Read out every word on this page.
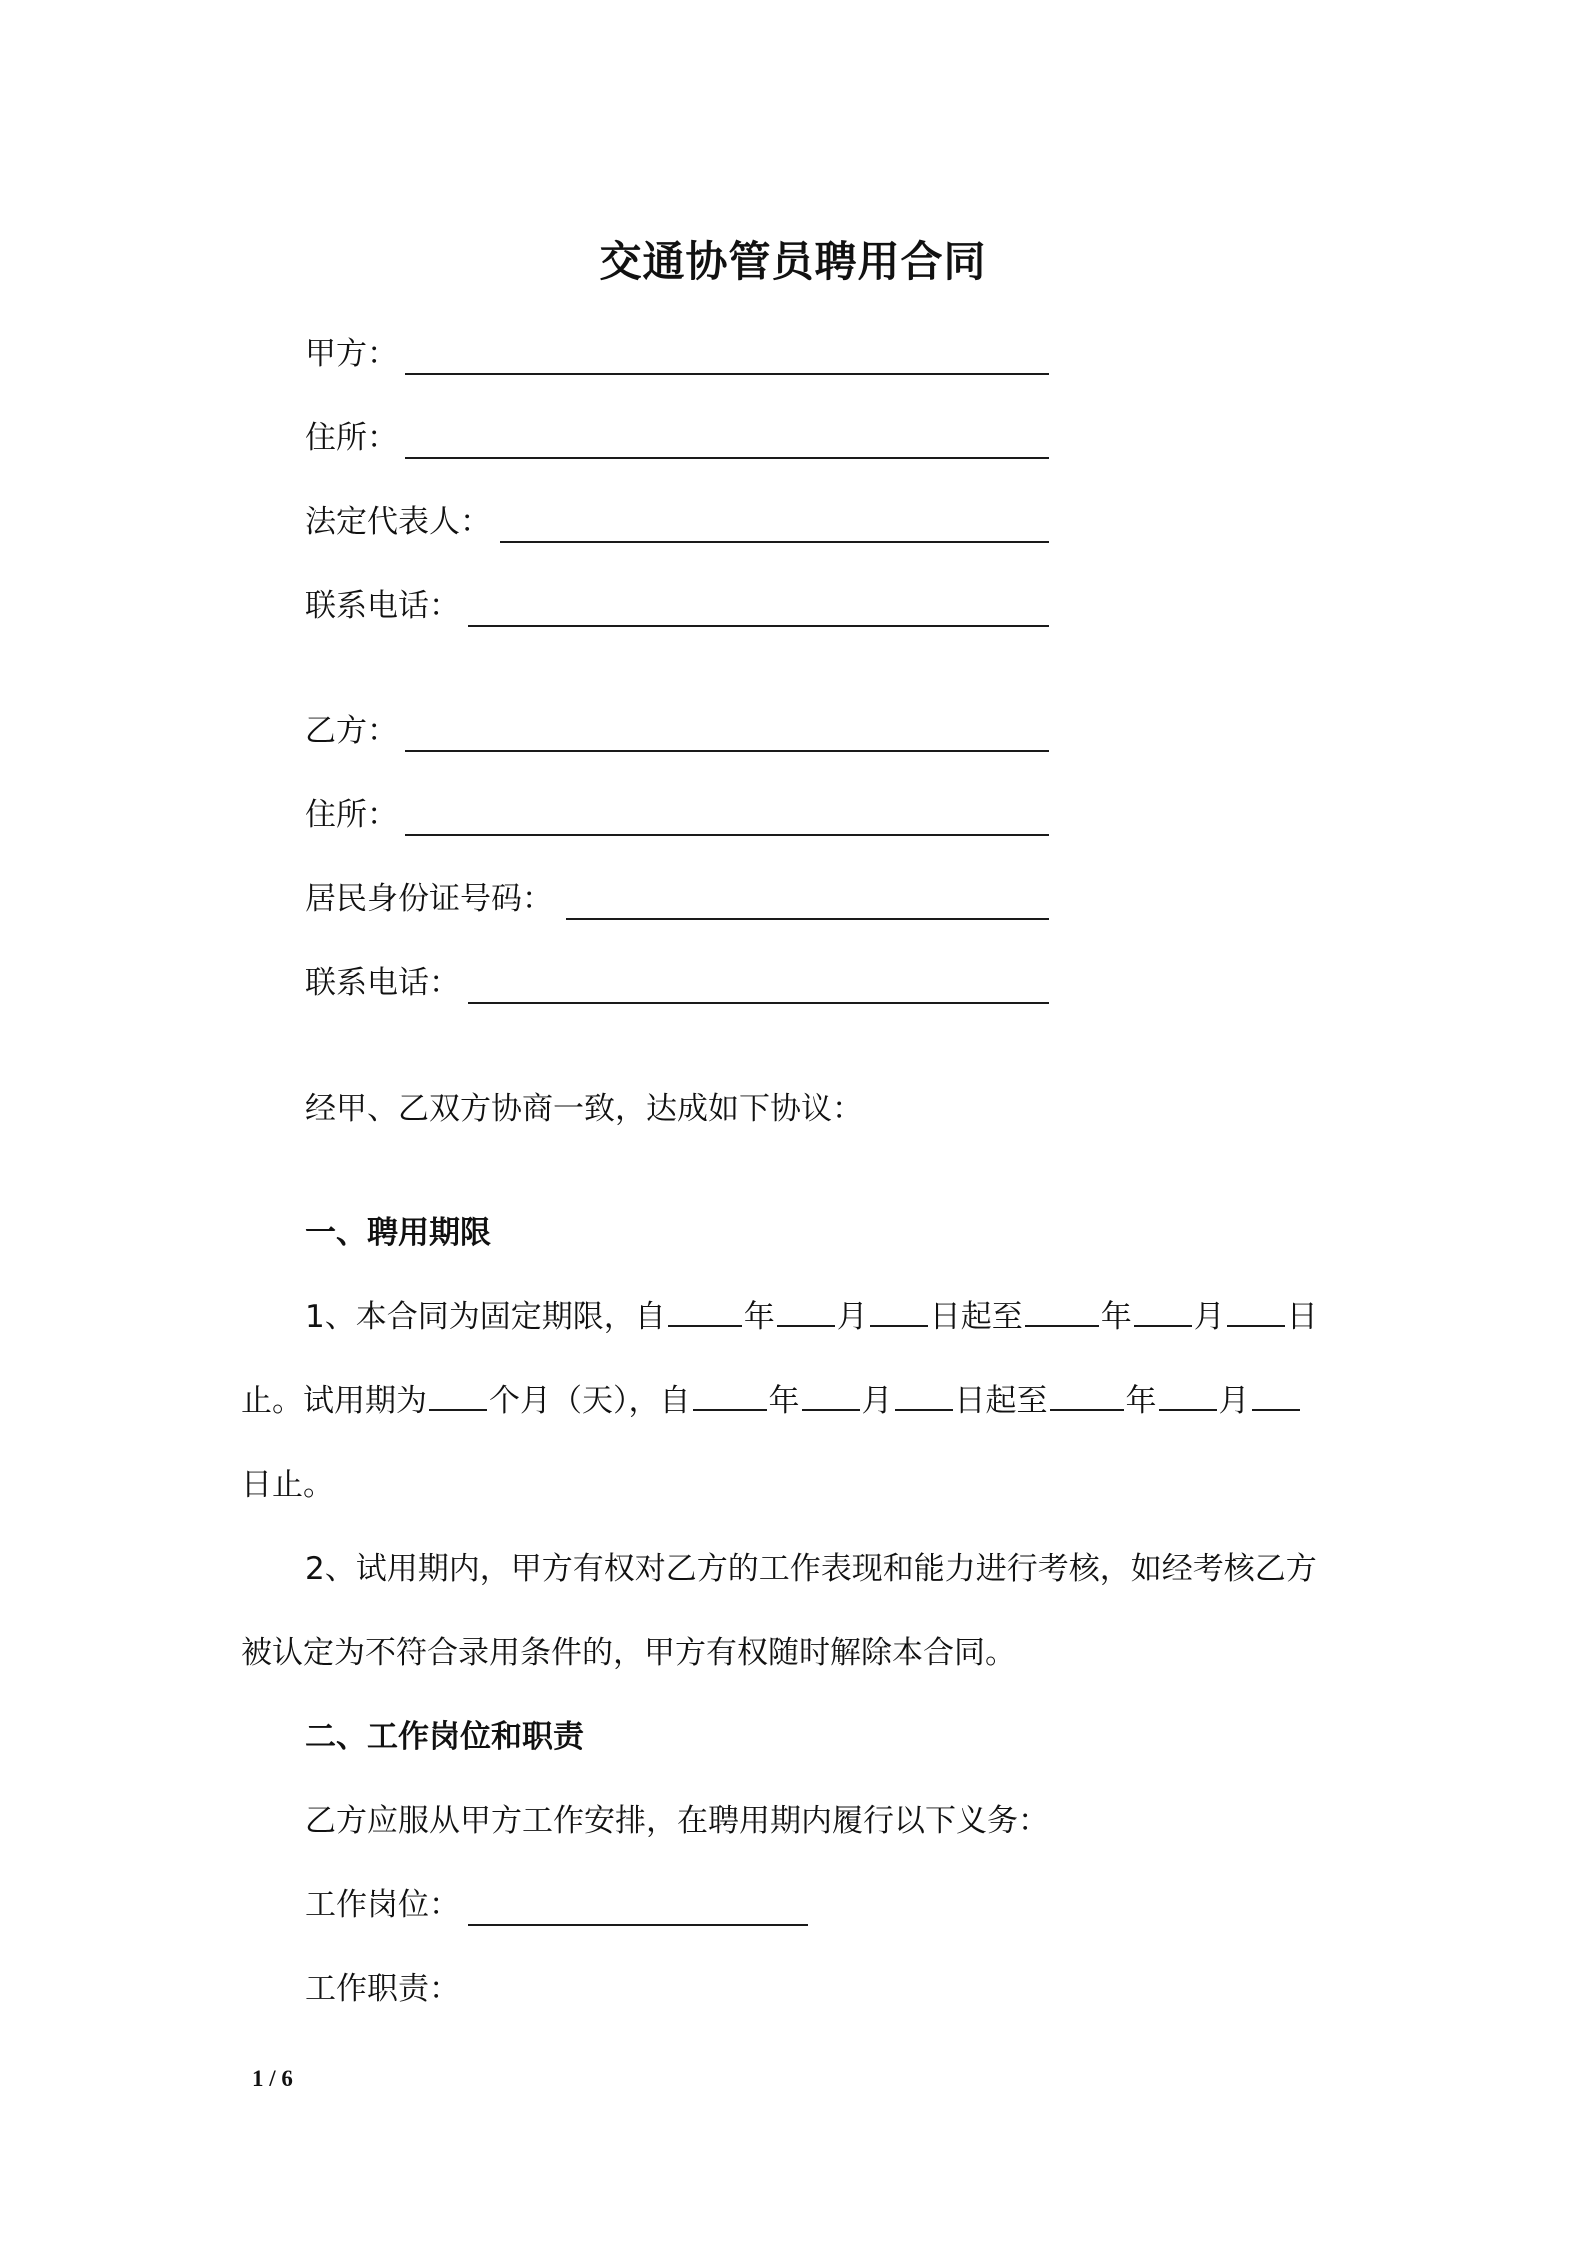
交通协管员聘用合同
甲方：
住所：
法定代表人：
联系电话：
乙方：
住所：
居民身份证号码：
联系电话：
经甲、乙双方协商一致，达成如下协议：
一、聘用期限
1、本合同为固定期限，自	年 月 日起至	年 月 日
止。试用期为 个月（天），自	年 月 日起至	年 月
日止。
2、试用期内，甲方有权对乙方的工作表现和能力进行考核，如经考核乙方
被认定为不符合录用条件的，甲方有权随时解除本合同。
二、工作岗位和职责
乙方应服从甲方工作安排，在聘用期内履行以下义务：
工作岗位：
工作职责：
1 / 6
